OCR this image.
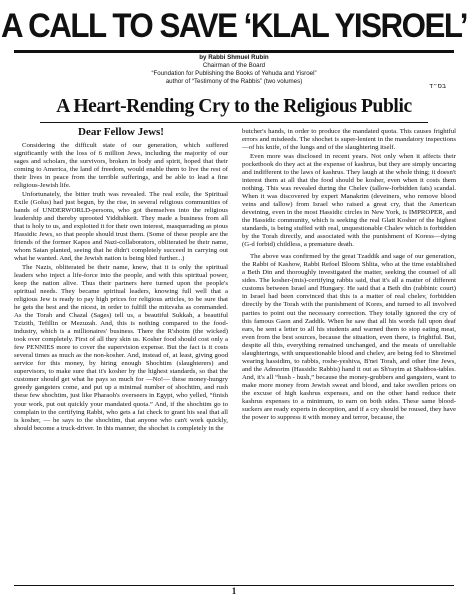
A CALL TO SAVE ‘KLAL YISROEL’
by Rabbi Shmuel Rubin
Chairman of the Board
“Foundation for Publishing the Books of Yehuda and Yisroel”
author of “Testimony of the Rabbis” (two volumes)
בס״ד
A Heart-Rending Cry to the Religious Public
Dear Fellow Jews!

Considering the difficult state of our generation, which suffered significantly with the loss of 6 million Jews, including the majority of our sages and scholars, the survivors, broken in body and spirit, hoped that their coming to America, the land of freedom, would enable them to live the rest of their lives in peace from the terrible sufferings, and be able to lead a fine religious-Jewish life.

Unfortunately, the bitter truth was revealed. The real exile, the Spiritual Exile (Golus) had just begun, by the rise, in several religious communities of bands of UNDERWORLD-persons, who got themselves into the religious leadership and thereby uprooted Yiddishkeit. They made a business from all that is holy to us, and exploited it for their own interest, masquerading as pious Hassidic Jews, so that people should trust them. (Some of these people are the friends of the former Kapos and Nazi-collaborators, obliterated be their name, whom Satan planted, seeing that he didn't completely succeed in carrying out what he wanted. And, the Jewish nation is being bled further...)

The Nazis, obliterated be their name, knew, that it is only the spiritual leaders who inject a life-force into the people, and with this spiritual power, keep the nation alive. Thus their partners here turned upon the people's spiritual needs. They became spiritual leaders, knowing full well that a religious Jew is ready to pay high prices for religious articles, to be sure that he gets the best and the nicest, in order to fulfill the mitzvahs as commanded. As the Torah and Chazal (Sages) tell us, a beautiful Sukkah, a beautiful Tzizith, Tefillin or Mezuzah. And, this is nothing compared to the food-industry, which is a millionaires' business. There the R'shoim (the wicked) took over completely. First of all they skin us. Kosher food should cost only a few PENNIES more to cover the supervision expense. But the fact is it costs several times as much as the non-kosher. And, instead of, at least, giving good service for this money, by hiring enough Shochtim (slaughterers) and supervisors, to make sure that it's kosher by the highest standards, so that the customer should get what he pays so much for —No!— these money-hungry greedy gangsters come, and put up a minimal number of shochtim, and rush these few shochtim, just like Pharaoh's overseers in Egypt, who yelled, “finish your work, put out quickly your mandated quota.” And, if the shochtim go to complain to the certifying Rabbi, who gets a fat check to grant his seal that all is kosher, — he says to the shochtim, that anyone who can't work quickly, should become a truck-driver. In this manner, the shochet is completely in the

butcher's hands, in order to produce the mandated quota. This causes frightful errors and misdeeds. The shochet is super-lenient in the mandatory inspections—of his knife, of the lungs and of the slaughtering itself.

Even more was disclosed in recent years. Not only when it affects their pocketbook do they act at the expense of kashrus, but they are simply uncaring and indifferent to the laws of kashrus. They laugh at the whole thing; it doesn't interest them at all that the food should be kosher, even when it costs them nothing. This was revealed during the Chelev (tallow-forbidden fats) scandal. When it was discovered by expert Manakrim (deveiners, who remove blood veins and tallow) from Israel who raised a great cry, that the American deveining, even in the most Hassidic circles in New York, is IMPROPER, and the Hassidic community, which is seeking the real Glatt Kosher of the highest standards, is being stuffed with real, unquestionable Chalev which is forbidden by the Torah directly, and associated with the punishment of Koress—dying (G-d forbid) childless, a premature death.

The above was confirmed by the great Tzaddik and sage of our generation, the Rabbi of Kashow, Rabbi Refoel Bloom Shlita, who at the time established a Beth Din and thoroughly investigated the matter, seeking the counsel of all sides. The kosher-(mis)-certifying rabbis said, that it's all a matter of different customs between Israel and Hungary. He said that a Beth din (rabbinic court) in Israel had been convinced that this is a matter of real chelev, forbidden directly by the Torah with the punishment of Kores, and turned to all involved parties to point out the necessary correction. They totally ignored the cry of this famous Gaon and Zaddik. When he saw that all his words fall upon deaf ears, he sent a letter to all his students and warned them to stop eating meat, even from the best sources, because the situation, even there, is frightful. But, despite all this, everything remained unchanged, and the meats of unreliable slaughterings, with unquestionable blood and chelev, are being fed to Shreimel wearing hassidim, to rabbis, roshe-yeshiva, B'nei Torah, and other fine Jews, and the Admorim (Hassidic Rabbis) hand it out as Sh'rayim at Shabbos-tables. And, it's all “hush - hush,” because the money-grubbers and gangsters, want to make more money from Jewish sweat and blood, and take swollen prices on the excuse of high kashrus expenses, and on the other hand reduce their kashrus expenses to a minimum, to earn on both sides. These same blood-suckers are ready experts in deception, and if a cry should be roused, they have the power to suppress it with money and terror, because, the

1
